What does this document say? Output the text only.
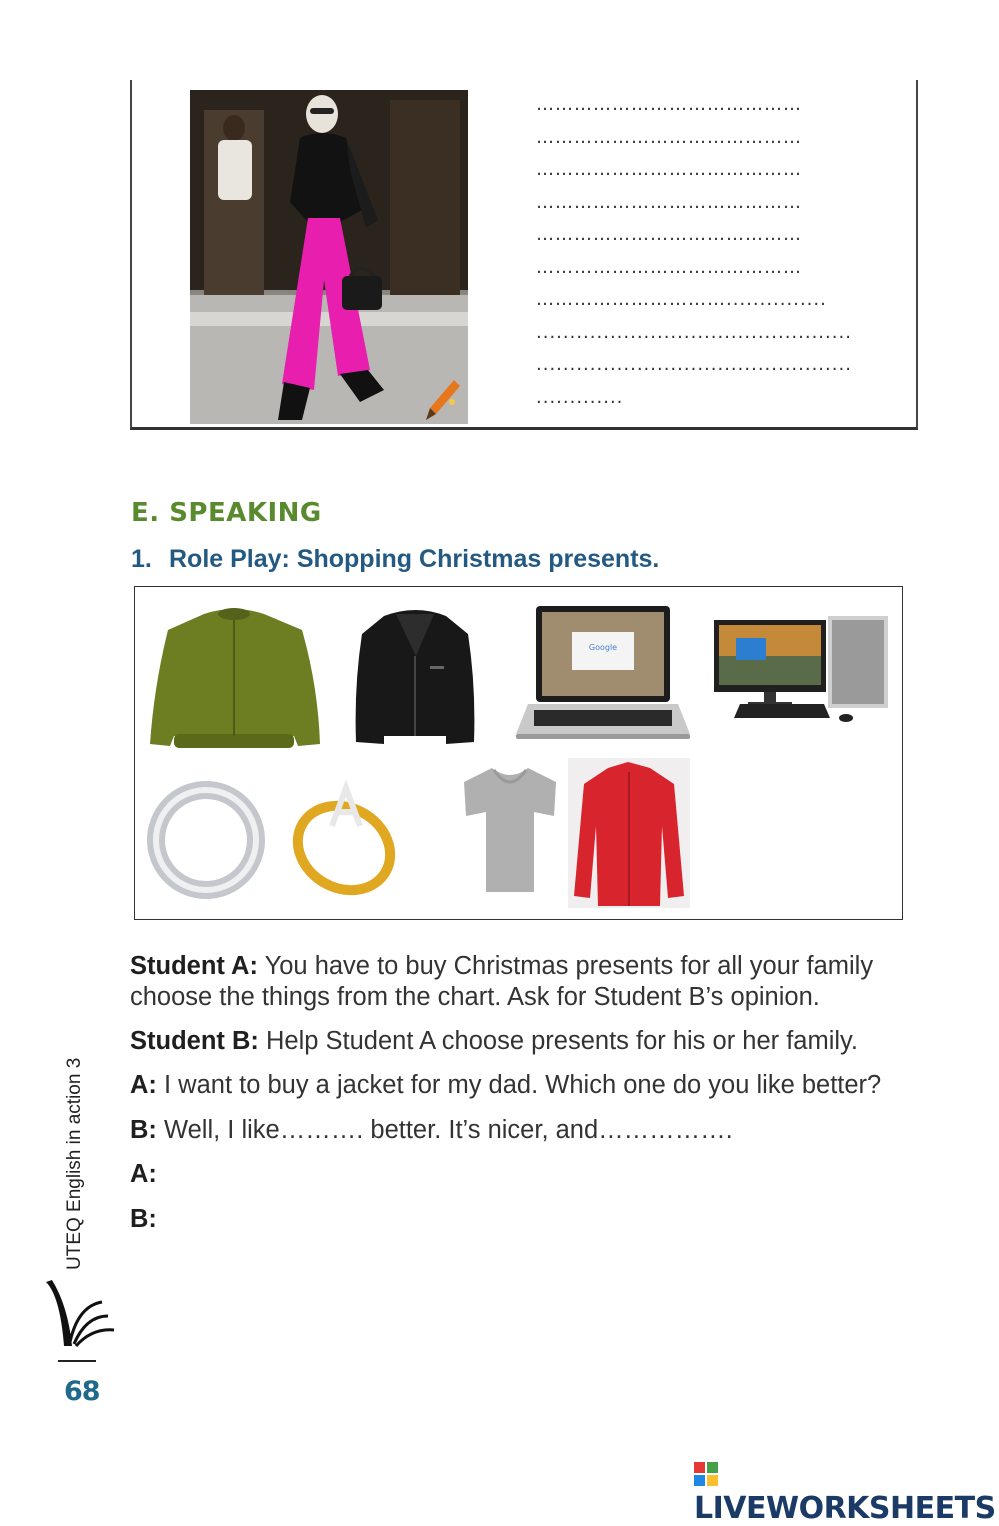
……………………………………
……………………………………
……………………………………
……………………………………
……………………………………
……………………………………
…………………………...............
...............................................
...............................................
.............
E. SPEAKING
1. Role Play: Shopping Christmas presents.
Google
Student A: You have to buy Christmas presents for all your family
choose the things from the chart. Ask for Student B’s opinion.
Student B: Help Student A choose presents for his or her family.
A: I want to buy a jacket for my dad. Which one do you like better?
B: Well, I like………. better. It’s nicer, and…………….
A:
B:
UTEQ English in action 3
68
LIVEWORKSHEETS
